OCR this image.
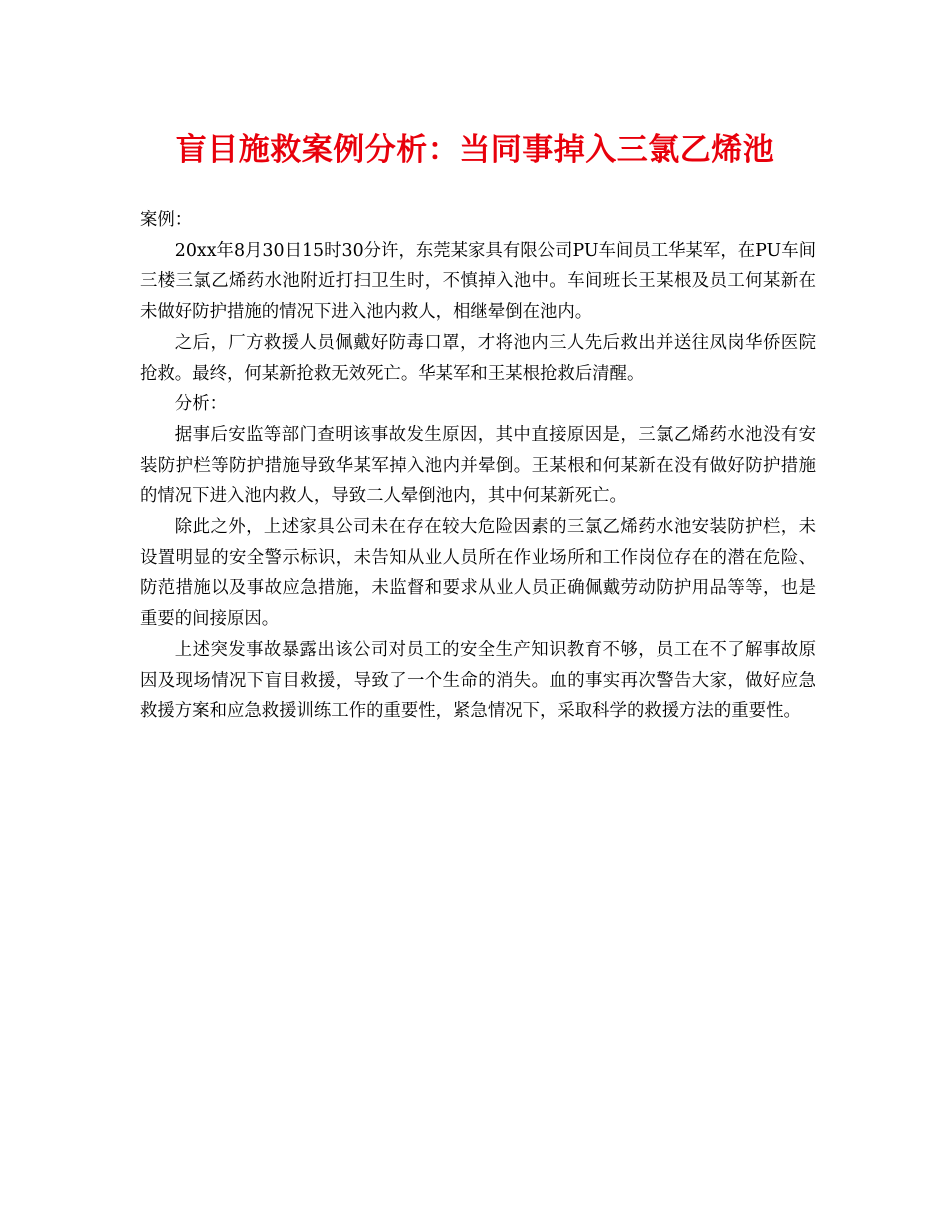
盲目施救案例分析：当同事掉入三氯乙烯池

案例：

20xx年8月30日15时30分许，东莞某家具有限公司PU车间员工华某军，在PU车间三楼三氯乙烯药水池附近打扫卫生时，不慎掉入池中。车间班长王某根及员工何某新在未做好防护措施的情况下进入池内救人，相继晕倒在池内。

之后，厂方救援人员佩戴好防毒口罩，才将池内三人先后救出并送往凤岗华侨医院抢救。最终，何某新抢救无效死亡。华某军和王某根抢救后清醒。

分析：

据事后安监等部门查明该事故发生原因，其中直接原因是，三氯乙烯药水池没有安装防护栏等防护措施导致华某军掉入池内并晕倒。王某根和何某新在没有做好防护措施的情况下进入池内救人，导致二人晕倒池内，其中何某新死亡。

除此之外，上述家具公司未在存在较大危险因素的三氯乙烯药水池安装防护栏，未设置明显的安全警示标识，未告知从业人员所在作业场所和工作岗位存在的潜在危险、防范措施以及事故应急措施，未监督和要求从业人员正确佩戴劳动防护用品等等，也是重要的间接原因。

上述突发事故暴露出该公司对员工的安全生产知识教育不够，员工在不了解事故原因及现场情况下盲目救援，导致了一个生命的消失。血的事实再次警告大家，做好应急救援方案和应急救援训练工作的重要性，紧急情况下，采取科学的救援方法的重要性。
